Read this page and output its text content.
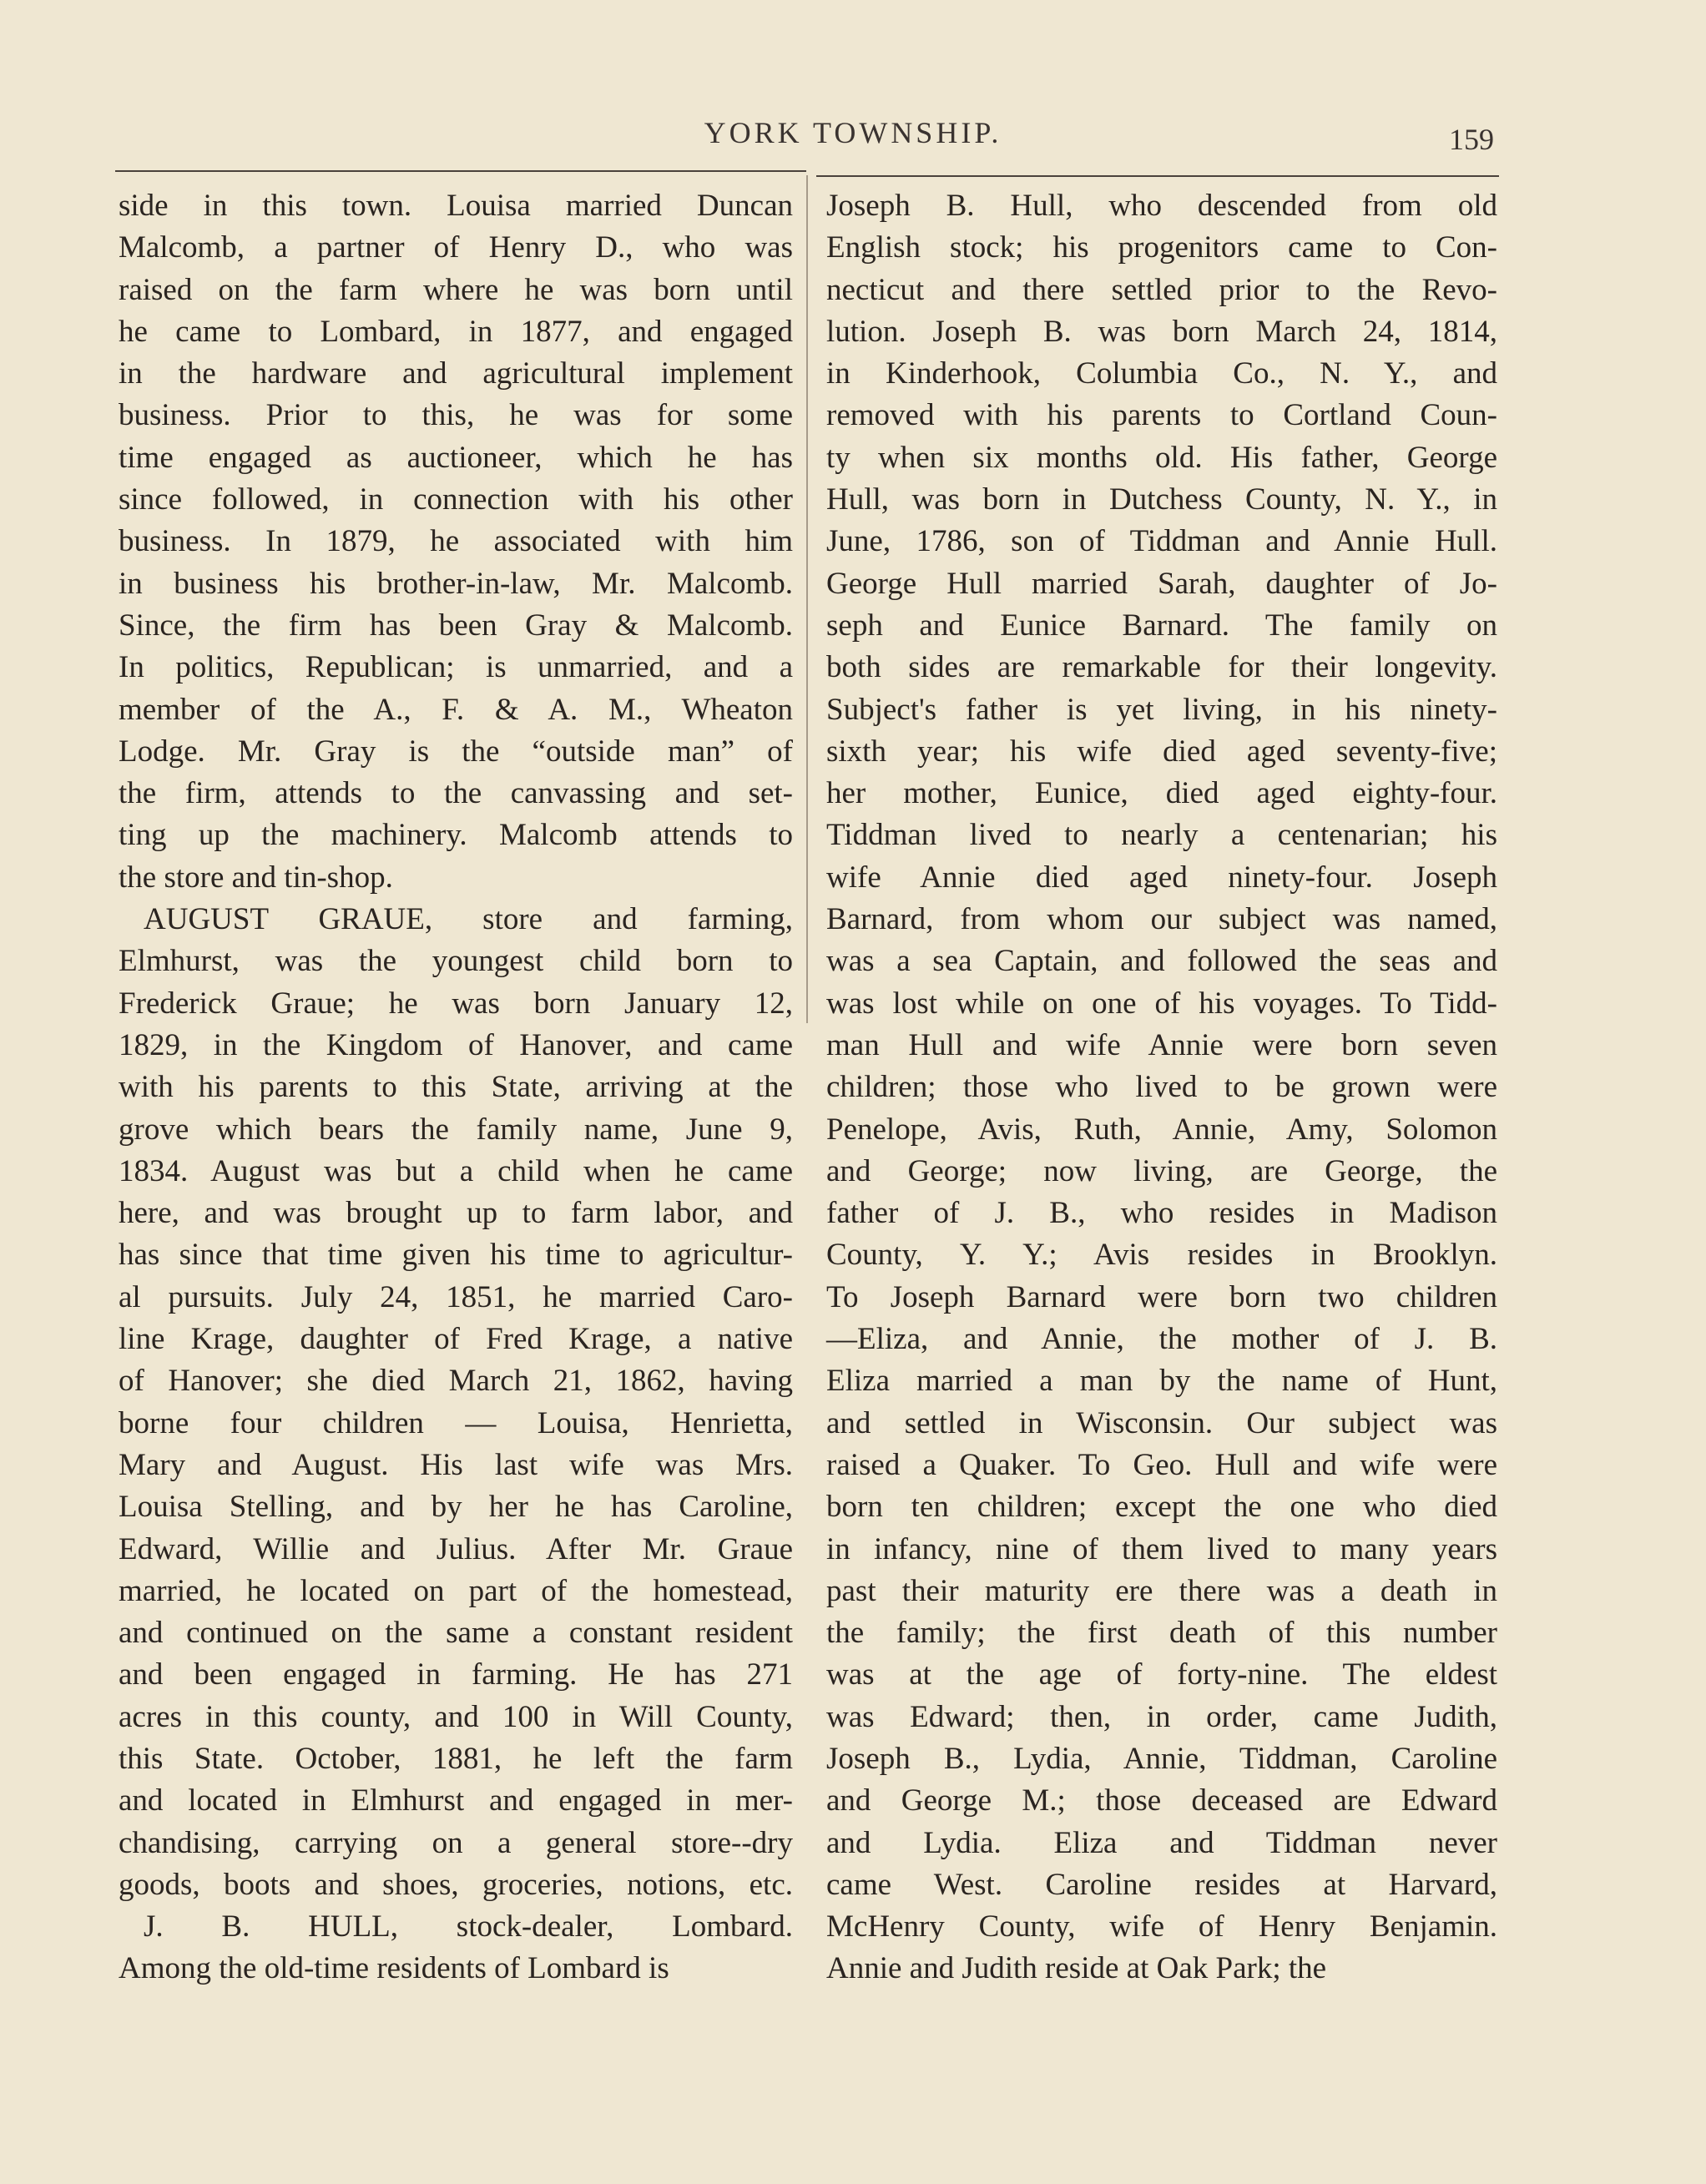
YORK TOWNSHIP.	159
side in this town. Louisa married Duncan
Malcomb, a partner of Henry D., who was
raised on the farm where he was born until
he came to Lombard, in 1877, and engaged
in the hardware and agricultural implement
business. Prior to this, he was for some
time engaged as auctioneer, which he has
since followed, in connection with his other
business. In 1879, he associated with him
in business his brother-in-law, Mr. Malcomb.
Since, the firm has been Gray & Malcomb.
In politics, Republican; is unmarried, and a
member of the A., F. & A. M., Wheaton
Lodge. Mr. Gray is the “outside man” of
the firm, attends to the canvassing and set-
ting up the machinery. Malcomb attends to
the store and tin-shop.
AUGUST GRAUE, store and farming,
Elmhurst, was the youngest child born to
Frederick Graue; he was born January 12,
1829, in the Kingdom of Hanover, and came
with his parents to this State, arriving at the
grove which bears the family name, June 9,
1834. August was but a child when he came
here, and was brought up to farm labor, and
has since that time given his time to agricultur-
al pursuits. July 24, 1851, he married Caro-
line Krage, daughter of Fred Krage, a native
of Hanover; she died March 21, 1862, having
borne four children — Louisa, Henrietta,
Mary and August. His last wife was Mrs.
Louisa Stelling, and by her he has Caroline,
Edward, Willie and Julius. After Mr. Graue
married, he located on part of the homestead,
and continued on the same a constant resident
and been engaged in farming. He has 271
acres in this county, and 100 in Will County,
this State. October, 1881, he left the farm
and located in Elmhurst and engaged in mer-
chandising, carrying on a general store--dry
goods, boots and shoes, groceries, notions, etc.
J. B. HULL, stock-dealer, Lombard.
Among the old-time residents of Lombard is
Joseph B. Hull, who descended from old
English stock; his progenitors came to Con-
necticut and there settled prior to the Revo-
lution. Joseph B. was born March 24, 1814,
in Kinderhook, Columbia Co., N. Y., and
removed with his parents to Cortland Coun-
ty when six months old. His father, George
Hull, was born in Dutchess County, N. Y., in
June, 1786, son of Tiddman and Annie Hull.
George Hull married Sarah, daughter of Jo-
seph and Eunice Barnard. The family on
both sides are remarkable for their longevity.
Subject's father is yet living, in his ninety-
sixth year; his wife died aged seventy-five;
her mother, Eunice, died aged eighty-four.
Tiddman lived to nearly a centenarian; his
wife Annie died aged ninety-four. Joseph
Barnard, from whom our subject was named,
was a sea Captain, and followed the seas and
was lost while on one of his voyages. To Tidd-
man Hull and wife Annie were born seven
children; those who lived to be grown were
Penelope, Avis, Ruth, Annie, Amy, Solomon
and George; now living, are George, the
father of J. B., who resides in Madison
County, Y. Y.; Avis resides in Brooklyn.
To Joseph Barnard were born two children
—Eliza, and Annie, the mother of J. B.
Eliza married a man by the name of Hunt,
and settled in Wisconsin. Our subject was
raised a Quaker. To Geo. Hull and wife were
born ten children; except the one who died
in infancy, nine of them lived to many years
past their maturity ere there was a death in
the family; the first death of this number
was at the age of forty-nine. The eldest
was Edward; then, in order, came Judith,
Joseph B., Lydia, Annie, Tiddman, Caroline
and George M.; those deceased are Edward
and Lydia. Eliza and Tiddman never
came West. Caroline resides at Harvard,
McHenry County, wife of Henry Benjamin.
Annie and Judith reside at Oak Park; the
